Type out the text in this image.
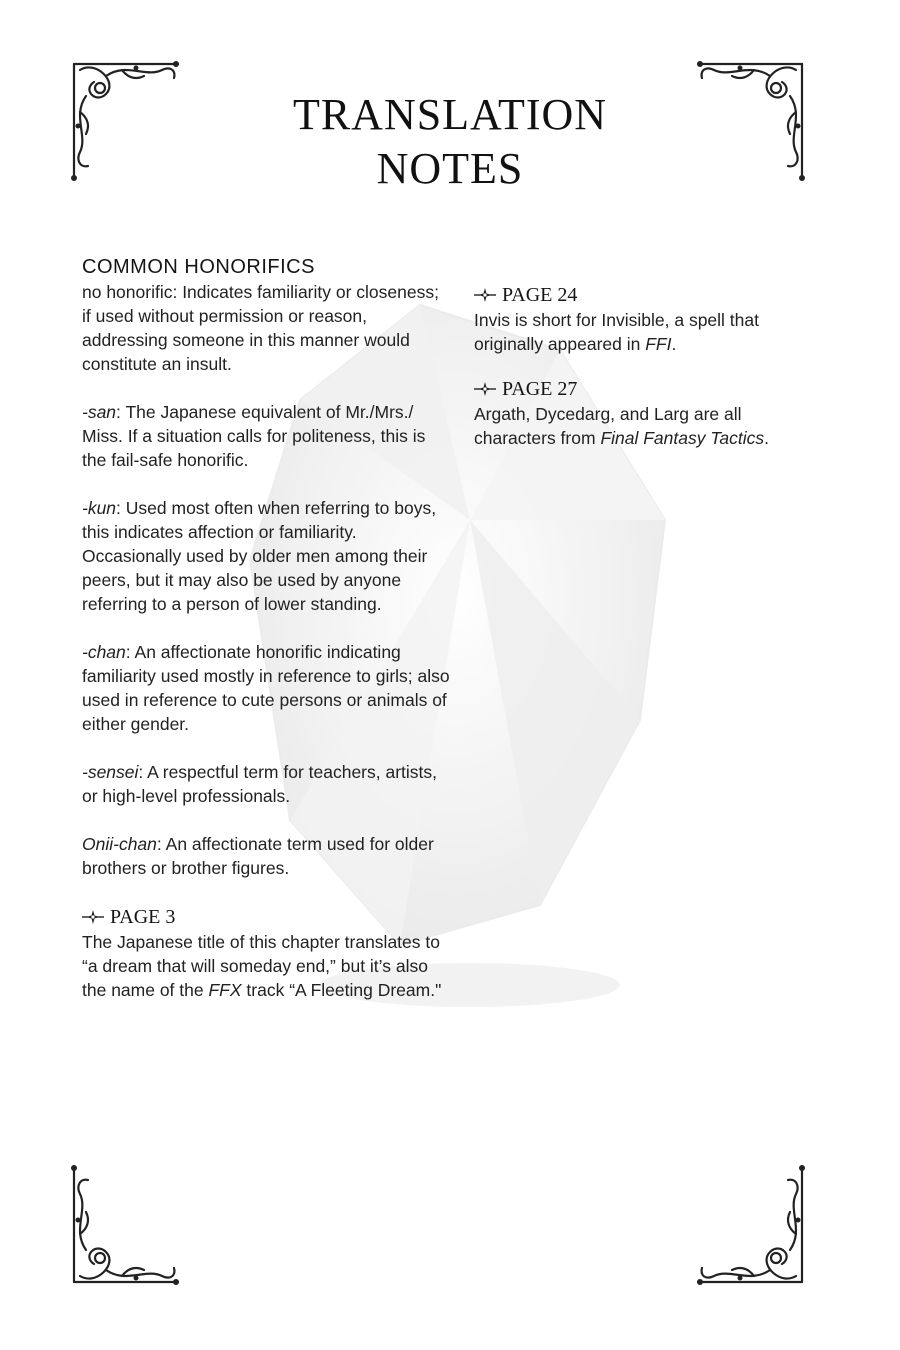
TRANSLATION
NOTES
COMMON HONORIFICS

no honorific: Indicates familiarity or closeness; if used without permission or reason, addressing someone in this manner would constitute an insult.

-san: The Japanese equivalent of Mr./Mrs./ Miss. If a situation calls for politeness, this is the fail-safe honorific.

-kun: Used most often when referring to boys, this indicates affection or familiarity. Occasionally used by older men among their peers, but it may also be used by anyone referring to a person of lower standing.

-chan: An affectionate honorific indicating familiarity used mostly in reference to girls; also used in reference to cute persons or animals of either gender.

-sensei: A respectful term for teachers, artists, or high-level professionals.

Onii-chan: An affectionate term used for older brothers or brother figures.

PAGE 3
The Japanese title of this chapter translates to “a dream that will someday end,” but it’s also the name of the FFX track “A Fleeting Dream."
PAGE 24
Invis is short for Invisible, a spell that originally appeared in FFI.
PAGE 27
Argath, Dycedarg, and Larg are all characters from Final Fantasy Tactics.
